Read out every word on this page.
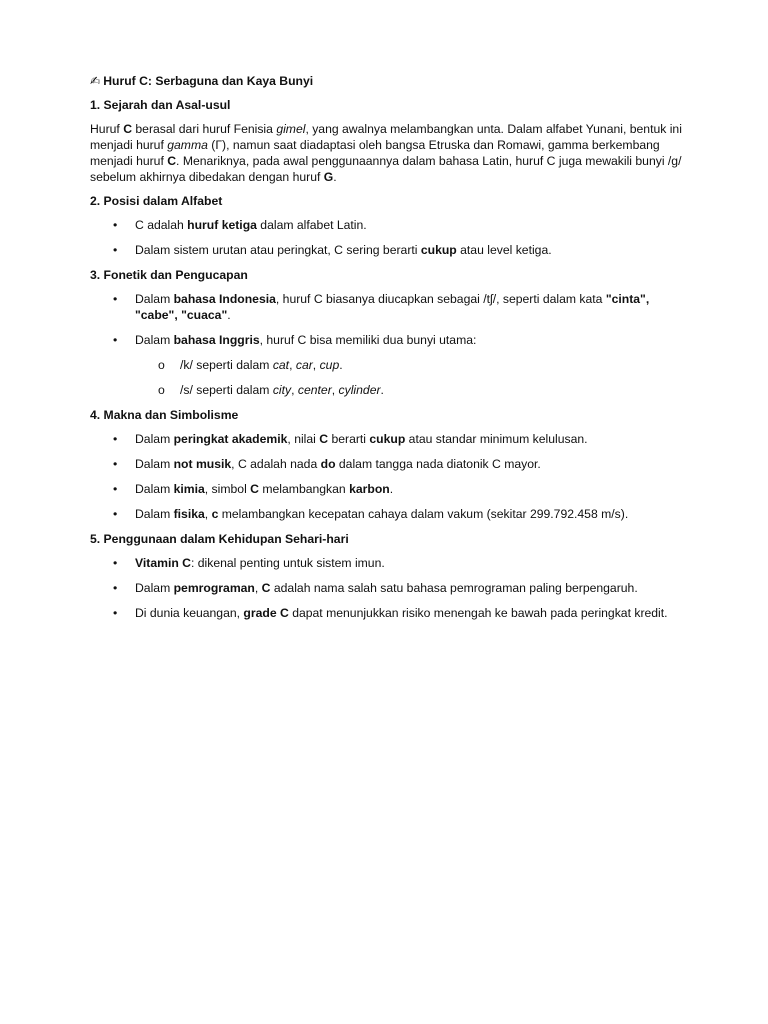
✍ Huruf C: Serbaguna dan Kaya Bunyi
1. Sejarah dan Asal-usul
Huruf C berasal dari huruf Fenisia gimel, yang awalnya melambangkan unta. Dalam alfabet Yunani, bentuk ini menjadi huruf gamma (Γ), namun saat diadaptasi oleh bangsa Etruska dan Romawi, gamma berkembang menjadi huruf C. Menariknya, pada awal penggunaannya dalam bahasa Latin, huruf C juga mewakili bunyi /g/ sebelum akhirnya dibedakan dengan huruf G.
2. Posisi dalam Alfabet
• C adalah huruf ketiga dalam alfabet Latin.
• Dalam sistem urutan atau peringkat, C sering berarti cukup atau level ketiga.
3. Fonetik dan Pengucapan
• Dalam bahasa Indonesia, huruf C biasanya diucapkan sebagai /tʃ/, seperti dalam kata "cinta", "cabe", "cuaca".
• Dalam bahasa Inggris, huruf C bisa memiliki dua bunyi utama:
o /k/ seperti dalam cat, car, cup.
o /s/ seperti dalam city, center, cylinder.
4. Makna dan Simbolisme
• Dalam peringkat akademik, nilai C berarti cukup atau standar minimum kelulusan.
• Dalam not musik, C adalah nada do dalam tangga nada diatonik C mayor.
• Dalam kimia, simbol C melambangkan karbon.
• Dalam fisika, c melambangkan kecepatan cahaya dalam vakum (sekitar 299.792.458 m/s).
5. Penggunaan dalam Kehidupan Sehari-hari
• Vitamin C: dikenal penting untuk sistem imun.
• Dalam pemrograman, C adalah nama salah satu bahasa pemrograman paling berpengaruh.
• Di dunia keuangan, grade C dapat menunjukkan risiko menengah ke bawah pada peringkat kredit.
